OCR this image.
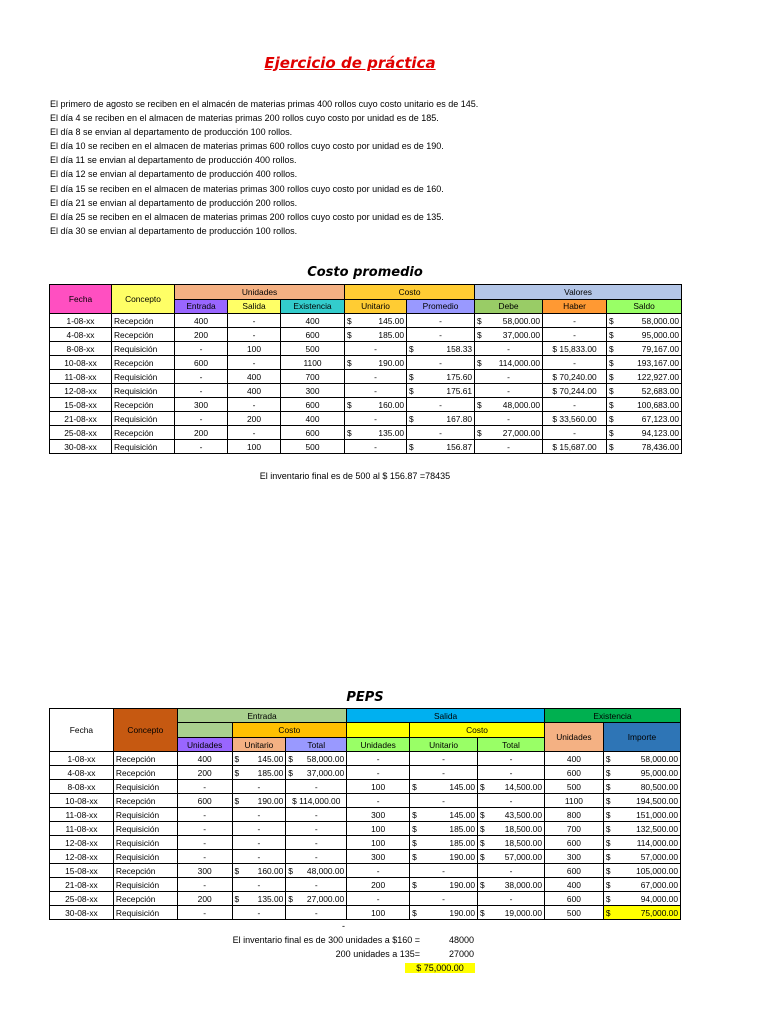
Ejercicio de práctica
El primero de agosto se reciben en el almacén de materias primas 400 rollos cuyo costo unitario es de 145.
El día 4 se reciben en el almacen de materias primas 200 rollos cuyo costo por unidad es de 185.
El día 8 se envian al departamento de producción 100 rollos.
El día 10 se reciben en el almacen de materias primas 600 rollos cuyo costo por unidad es de 190.
El día 11 se envian al departamento de producción 400 rollos.
El día 12 se envian al departamento de producción 400 rollos.
El día 15 se reciben en el almacen de materias primas 300 rollos cuyo costo por unidad es de 160.
El día 21 se envian al departamento de producción 200 rollos.
El día 25 se reciben en el almacen de materias primas 200 rollos cuyo costo por unidad es de 135.
El día 30 se envian al departamento de producción 100 rollos.
Costo promedio
Fecha	Concepto	Unidades			Costo		Valores		
		Entrada	Salida	Existencia	Unitario	Promedio	Debe	Haber	Saldo
1-08-xx	Recepción	400	-	400	$ 145.00	-	$ 58,000.00	-	$ 58,000.00

4-08-xx	Recepción	200	-	600	$ 185.00	-	$ 37,000.00	-	$ 95,000.00

8-08-xx	Requisición	-	100	500	-	$ 158.33	-	$ 15,833.00	$ 79,167.00

10-08-xx	Recepción	600	-	1100	$ 190.00	-	$ 114,000.00	-	$ 193,167.00

11-08-xx	Requisición	-	400	700	-	$ 175.60	-	$ 70,240.00	$ 122,927.00

12-08-xx	Requisición	-	400	300	-	$ 175.61	-	$ 70,244.00	$ 52,683.00

15-08-xx	Recepción	300	-	600	$ 160.00	-	$ 48,000.00	-	$ 100,683.00

21-08-xx	Requisición	-	200	400	-	$ 167.80	-	$ 33,560.00	$ 67,123.00

25-08-xx	Recepción	200	-	600	$ 135.00	-	$ 27,000.00	-	$ 94,123.00

30-08-xx	Requisición	-	100	500	-	$ 156.87	-	$ 15,687.00	$ 78,436.00
El inventario final es de 500 al $ 156.87 =78435
PEPS
Fecha	Concepto	Entrada			Salida			Existencia	
			Costo			Costo		Unidades	Importe
		Unidades	Unitario	Total	Unidades	Unitario	Total		
1-08-xx	Recepción	400	$ 145.00	$ 58,000.00	-	-	-	400	$ 58,000.00

4-08-xx	Recepción	200	$ 185.00	$ 37,000.00	-	-	-	600	$ 95,000.00

8-08-xx	Requisición	-	-	-	100	$ 145.00	$ 14,500.00	500	$ 80,500.00

10-08-xx	Recepción	600	$ 190.00	$ 114,000.00	-	-	-	1100	$ 194,500.00

11-08-xx	Requisición	-	-	-	300	$ 145.00	$ 43,500.00	800	$ 151,000.00

11-08-xx	Requisición	-	-	-	100	$ 185.00	$ 18,500.00	700	$ 132,500.00

12-08-xx	Requisición	-	-	-	100	$ 185.00	$ 18,500.00	600	$ 114,000.00

12-08-xx	Requisición	-	-	-	300	$ 190.00	$ 57,000.00	300	$ 57,000.00

15-08-xx	Recepción	300	$ 160.00	$ 48,000.00	-	-	-	600	$ 105,000.00

21-08-xx	Requisición	-	-	-	200	$ 190.00	$ 38,000.00	400	$ 67,000.00

25-08-xx	Recepción	200	$ 135.00	$ 27,000.00	-	-	-	600	$ 94,000.00

30-08-xx	Requisición	-	-	-	100	$ 190.00	$ 19,000.00	500	$ 75,000.00
-
El inventario final es de 300 unidades a $160 =	48000
200 unidades a 135=	27000
$ 75,000.00
